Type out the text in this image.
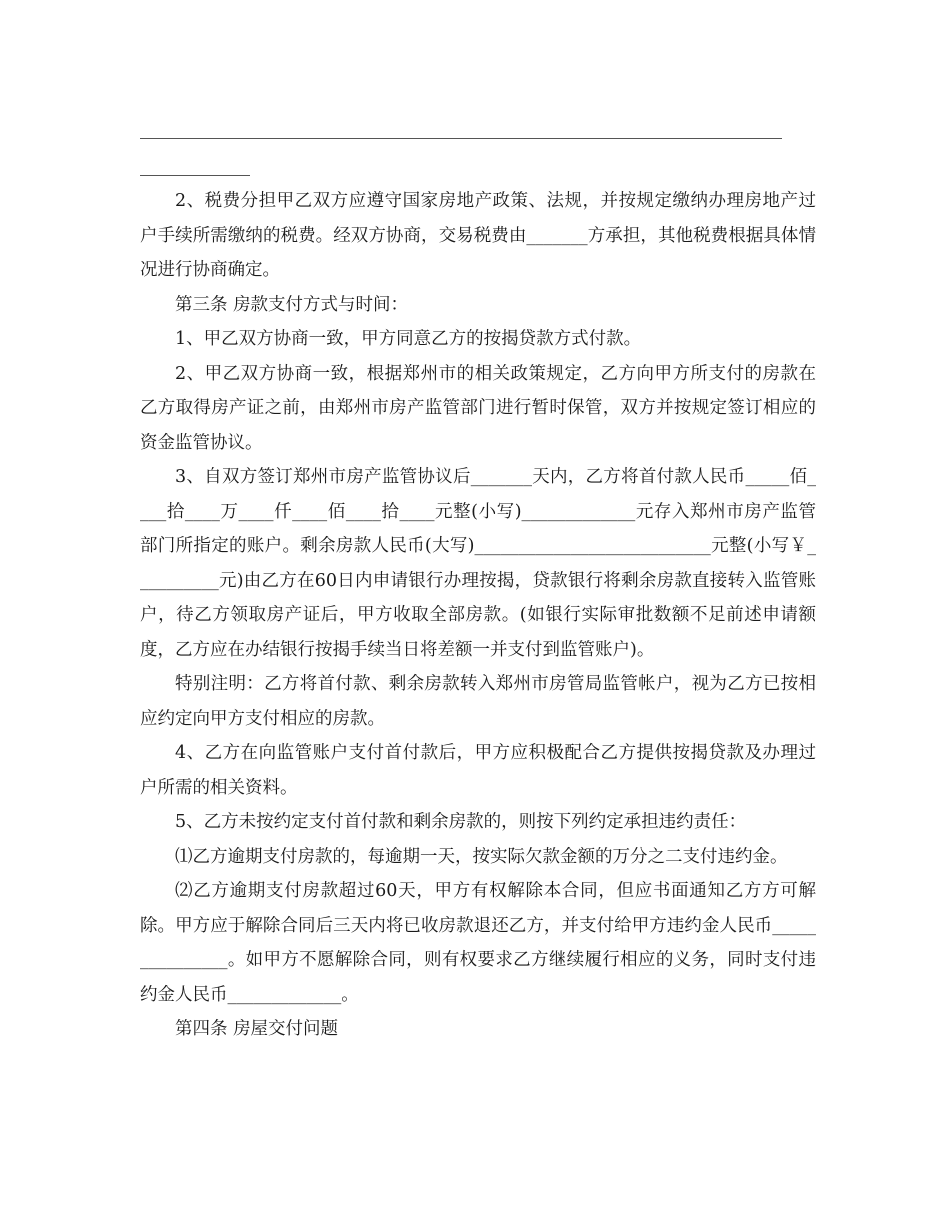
2、税费分担甲乙双方应遵守国家房地产政策、法规，并按规定缴纳办理房地产过户手续所需缴纳的税费。经双方协商，交易税费由_______方承担，其他税费根据具体情况进行协商确定。

第三条 房款支付方式与时间：

1、甲乙双方协商一致，甲方同意乙方的按揭贷款方式付款。

2、甲乙双方协商一致，根据郑州市的相关政策规定，乙方向甲方所支付的房款在乙方取得房产证之前，由郑州市房产监管部门进行暂时保管，双方并按规定签订相应的资金监管协议。

3、自双方签订郑州市房产监管协议后_______天内，乙方将首付款人民币_____佰____拾____万____仟____佰____拾____元整(小写)_____________元存入郑州市房产监管部门所指定的账户。剩余房款人民币(大写)___________________________元整(小写￥__________元)由乙方在60日内申请银行办理按揭，贷款银行将剩余房款直接转入监管账户，待乙方领取房产证后，甲方收取全部房款。(如银行实际审批数额不足前述申请额度，乙方应在办结银行按揭手续当日将差额一并支付到监管账户)。

特别注明：乙方将首付款、剩余房款转入郑州市房管局监管帐户，视为乙方已按相应约定向甲方支付相应的房款。

4、乙方在向监管账户支付首付款后，甲方应积极配合乙方提供按揭贷款及办理过户所需的相关资料。

5、乙方未按约定支付首付款和剩余房款的，则按下列约定承担违约责任：

⑴乙方逾期支付房款的，每逾期一天，按实际欠款金额的万分之二支付违约金。

⑵乙方逾期支付房款超过60天，甲方有权解除本合同，但应书面通知乙方方可解除。甲方应于解除合同后三天内将已收房款退还乙方，并支付给甲方违约金人民币_______________。如甲方不愿解除合同，则有权要求乙方继续履行相应的义务，同时支付违约金人民币_____________。

第四条 房屋交付问题
